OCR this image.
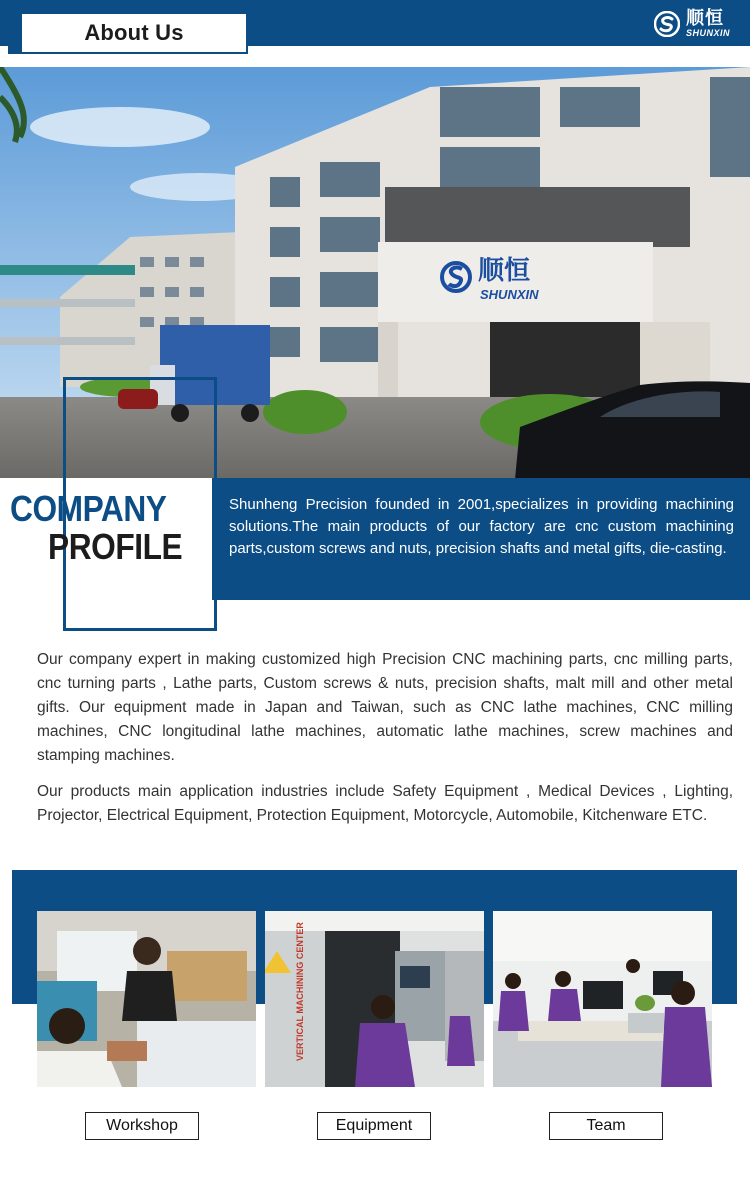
About Us
顺恒
SHUNXIN
顺恒
SHUNXIN
COMPANY
PROFILE
Shunheng Precision founded in 2001,specializes in providing machining solutions.The main products of our factory are cnc custom machining parts,custom screws and nuts, precision shafts and metal gifts, die-casting.

Our company expert in making customized high Precision CNC machining parts, cnc milling parts, cnc turning parts , Lathe parts, Custom screws & nuts, precision shafts, malt mill and other metal gifts. Our equipment made in Japan and Taiwan, such as CNC lathe machines, CNC milling machines, CNC longitudinal lathe machines, automatic lathe machines, screw machines and stamping machines.

Our products main application industries include Safety Equipment , Medical Devices , Lighting, Projector, Electrical Equipment, Protection Equipment, Motorcycle, Automobile, Kitchenware ETC.

VERTICAL MACHINING CENTER
Workshop	Equipment	Team
